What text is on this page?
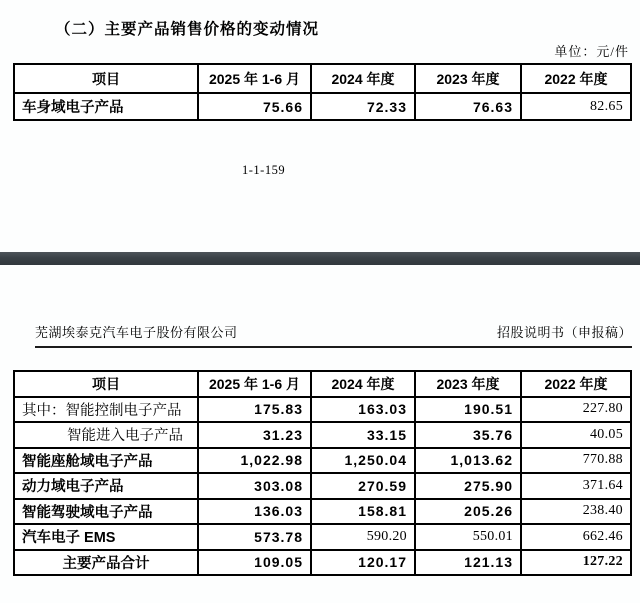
（二）主要产品销售价格的变动情况
单位：元/件
项目	2025 年 1-6 月	2024 年度	2023 年度	2022 年度
车身域电子产品	75.66	72.33	76.63	82.65
1-1-159
芜湖埃泰克汽车电子股份有限公司	招股说明书（申报稿）
项目	2025 年 1-6 月	2024 年度	2023 年度	2022 年度
其中：智能控制电子产品	175.83	163.03	190.51	227.80
智能进入电子产品	31.23	33.15	35.76	40.05
智能座舱域电子产品	1,022.98	1,250.04	1,013.62	770.88
动力域电子产品	303.08	270.59	275.90	371.64
智能驾驶域电子产品	136.03	158.81	205.26	238.40
汽车电子 EMS	573.78	590.20	550.01	662.46
主要产品合计	109.05	120.17	121.13	127.22
